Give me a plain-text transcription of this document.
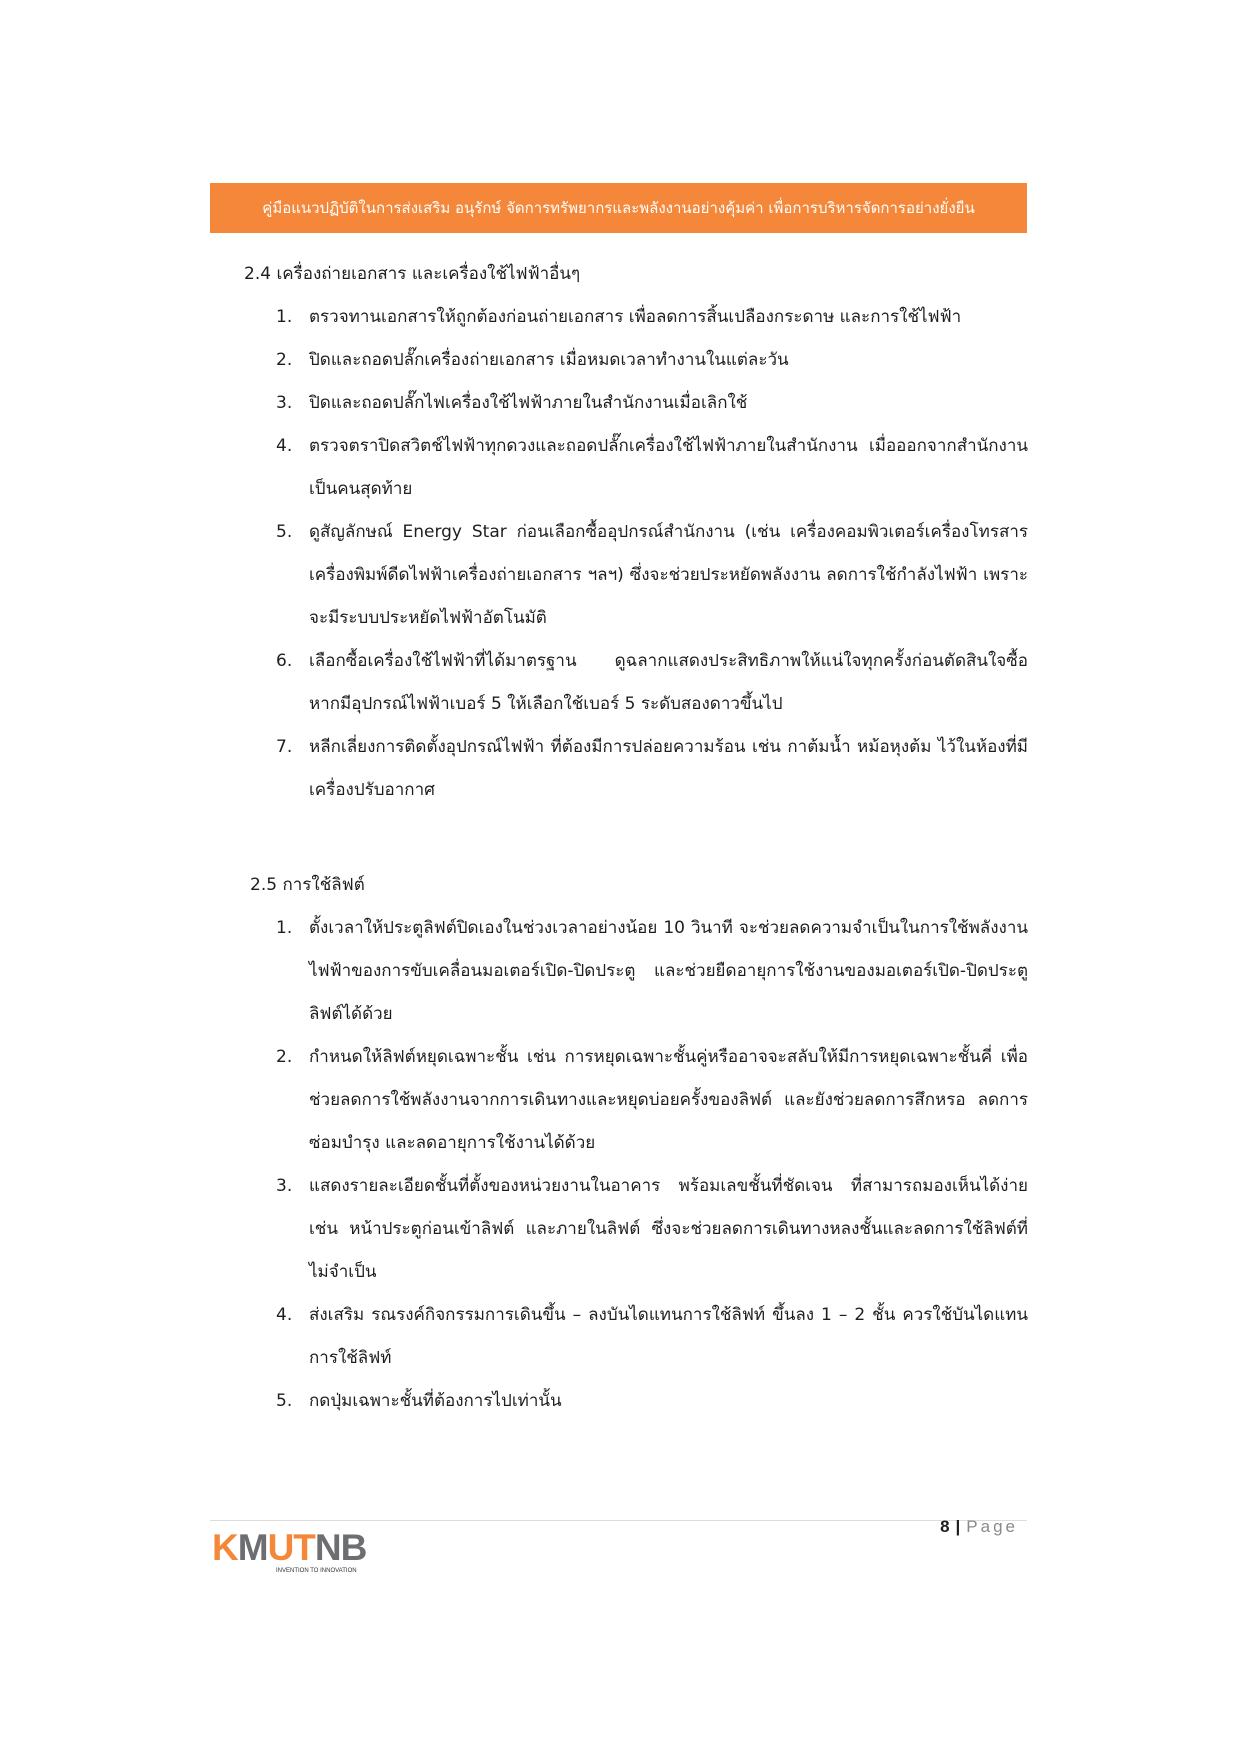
คู่มือแนวปฏิบัติในการส่งเสริม อนุรักษ์ จัดการทรัพยากรและพลังงานอย่างคุ้มค่า เพื่อการบริหารจัดการอย่างยั่งยืน
2.4 เครื่องถ่ายเอกสาร และเครื่องใช้ไฟฟ้าอื่นๆ
1. ตรวจทานเอกสารให้ถูกต้องก่อนถ่ายเอกสาร เพื่อลดการสิ้นเปลืองกระดาษ และการใช้ไฟฟ้า
2. ปิดและถอดปลั๊กเครื่องถ่ายเอกสาร เมื่อหมดเวลาทำงานในแต่ละวัน
3. ปิดและถอดปลั๊กไฟเครื่องใช้ไฟฟ้าภายในสำนักงานเมื่อเลิกใช้
4. ตรวจตราปิดสวิตช์ไฟฟ้าทุกดวงและถอดปลั๊กเครื่องใช้ไฟฟ้าภายในสำนักงาน เมื่อออกจากสำนักงานเป็นคนสุดท้าย
5. ดูสัญลักษณ์ Energy Star ก่อนเลือกซื้ออุปกรณ์สำนักงาน (เช่น เครื่องคอมพิวเตอร์เครื่องโทรสาร เครื่องพิมพ์ดีดไฟฟ้าเครื่องถ่ายเอกสาร ฯลฯ) ซึ่งจะช่วยประหยัดพลังงาน ลดการใช้กำลังไฟฟ้า เพราะจะมีระบบประหยัดไฟฟ้าอัตโนมัติ
6. เลือกซื้อเครื่องใช้ไฟฟ้าที่ได้มาตรฐาน ดูฉลากแสดงประสิทธิภาพให้แน่ใจทุกครั้งก่อนตัดสินใจซื้อ หากมีอุปกรณ์ไฟฟ้าเบอร์ 5 ให้เลือกใช้เบอร์ 5 ระดับสองดาวขึ้นไป
7. หลีกเลี่ยงการติดตั้งอุปกรณ์ไฟฟ้า ที่ต้องมีการปล่อยความร้อน เช่น กาต้มน้ำ หม้อหุงต้ม ไว้ในห้องที่มีเครื่องปรับอากาศ
2.5 การใช้ลิฟต์
1. ตั้งเวลาให้ประตูลิฟต์ปิดเองในช่วงเวลาอย่างน้อย 10 วินาที จะช่วยลดความจำเป็นในการใช้พลังงานไฟฟ้าของการขับเคลื่อนมอเตอร์เปิด-ปิดประตู และช่วยยืดอายุการใช้งานของมอเตอร์เปิด-ปิดประตูลิฟต์ได้ด้วย
2. กำหนดให้ลิฟต์หยุดเฉพาะชั้น เช่น การหยุดเฉพาะชั้นคู่หรืออาจจะสลับให้มีการหยุดเฉพาะชั้นคี่ เพื่อช่วยลดการใช้พลังงานจากการเดินทางและหยุดบ่อยครั้งของลิฟต์ และยังช่วยลดการสึกหรอ ลดการซ่อมบำรุง และลดอายุการใช้งานได้ด้วย
3. แสดงรายละเอียดชั้นที่ตั้งของหน่วยงานในอาคาร พร้อมเลขชั้นที่ชัดเจน ที่สามารถมองเห็นได้ง่าย เช่น หน้าประตูก่อนเข้าลิฟต์ และภายในลิฟต์ ซึ่งจะช่วยลดการเดินทางหลงชั้นและลดการใช้ลิฟต์ที่ไม่จำเป็น
4. ส่งเสริม รณรงค์กิจกรรมการเดินขึ้น – ลงบันไดแทนการใช้ลิฟท์ ขึ้นลง 1 – 2 ชั้น ควรใช้บันไดแทนการใช้ลิฟท์
5. กดปุ่มเฉพาะชั้นที่ต้องการไปเท่านั้น
KMUTNB
INVENTION TO INNOVATION
8 | Page
